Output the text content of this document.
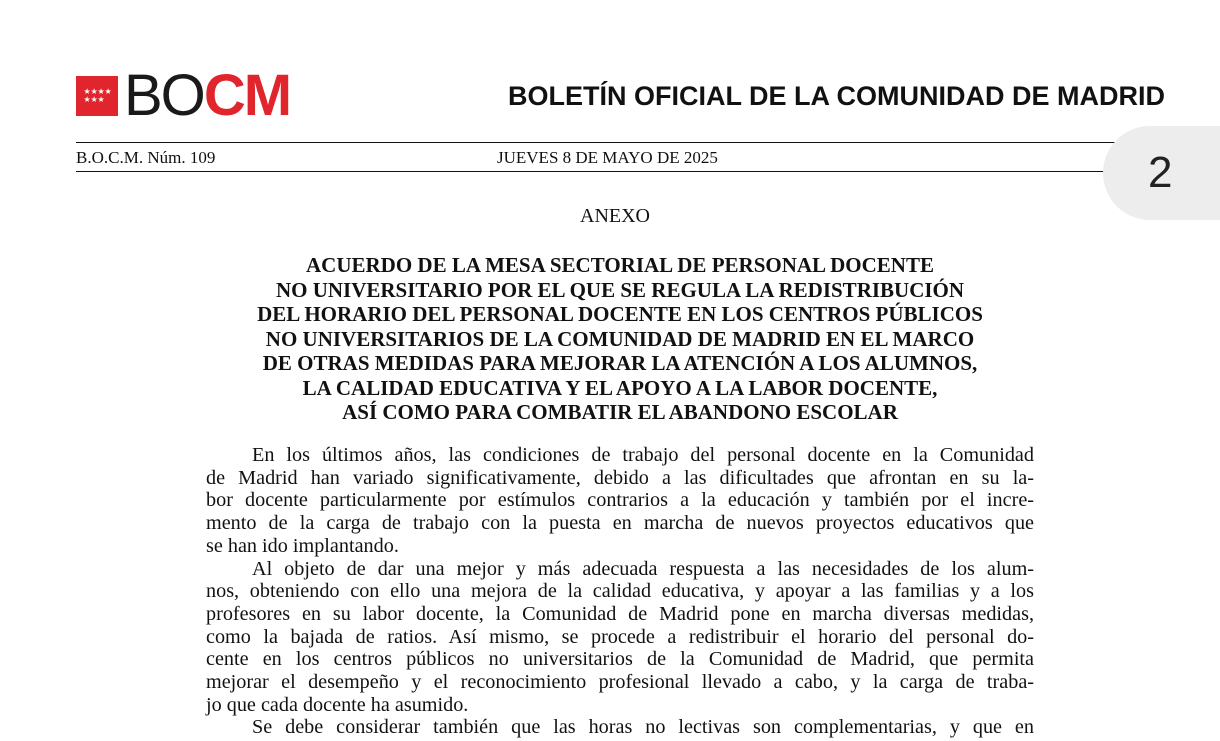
★ ★ ★ ★
★ ★ ★ BOCM	BOLETÍN OFICIAL DE LA COMUNIDAD DE MADRID
B.O.C.M. Núm. 109	JUEVES 8 DE MAYO DE 2025	2
ANEXO
ACUERDO DE LA MESA SECTORIAL DE PERSONAL DOCENTE
NO UNIVERSITARIO POR EL QUE SE REGULA LA REDISTRIBUCIÓN
DEL HORARIO DEL PERSONAL DOCENTE EN LOS CENTROS PÚBLICOS
NO UNIVERSITARIOS DE LA COMUNIDAD DE MADRID EN EL MARCO
DE OTRAS MEDIDAS PARA MEJORAR LA ATENCIÓN A LOS ALUMNOS,
LA CALIDAD EDUCATIVA Y EL APOYO A LA LABOR DOCENTE,
ASÍ COMO PARA COMBATIR EL ABANDONO ESCOLAR
En los últimos años, las condiciones de trabajo del personal docente en la Comunidad
de Madrid han variado significativamente, debido a las dificultades que afrontan en su la-
bor docente particularmente por estímulos contrarios a la educación y también por el incre-
mento de la carga de trabajo con la puesta en marcha de nuevos proyectos educativos que
se han ido implantando.
Al objeto de dar una mejor y más adecuada respuesta a las necesidades de los alum-
nos, obteniendo con ello una mejora de la calidad educativa, y apoyar a las familias y a los
profesores en su labor docente, la Comunidad de Madrid pone en marcha diversas medidas,
como la bajada de ratios. Así mismo, se procede a redistribuir el horario del personal do-
cente en los centros públicos no universitarios de la Comunidad de Madrid, que permita
mejorar el desempeño y el reconocimiento profesional llevado a cabo, y la carga de traba-
jo que cada docente ha asumido.
Se debe considerar también que las horas no lectivas son complementarias, y que en
